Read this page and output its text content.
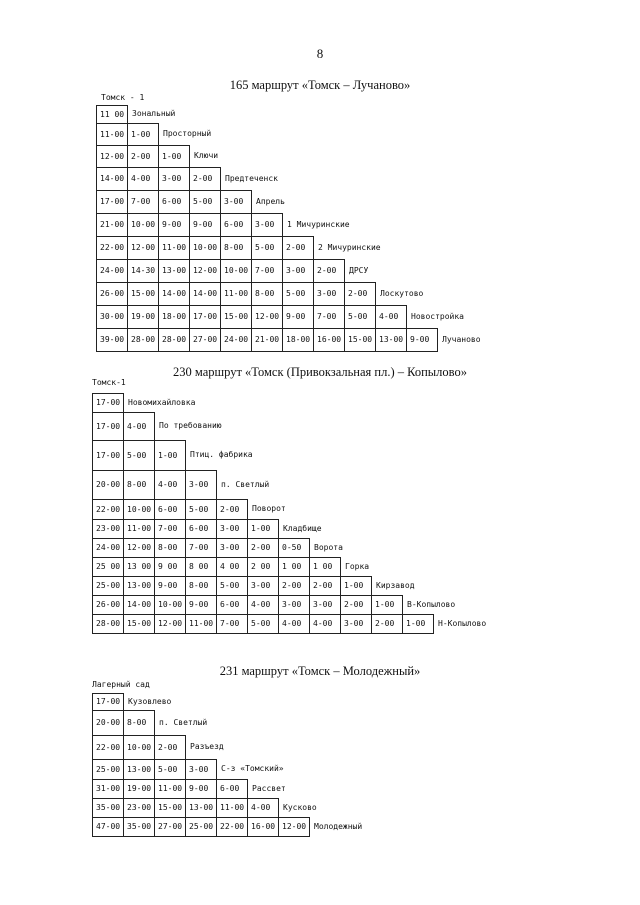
8
165 маршрут «Томск – Лучаново»
Томск - 1
11 00 Зональный
11-00 1-00	Просторный
12-00 2-00	1-00	Ключи
14-00 4-00	3-00	2-00	Предтеченск
17-00 7-00	6-00	5-00	3-00	Апрель
21-00 10-00 9-00	9-00	6-00	3-00	1 Мичуринские
22-00 12-00 11-00 10-00 8-00	5-00	2-00	2 Мичуринские
24-00 14-30 13-00 12-00 10-00 7-00	3-00	2-00	ДРСУ
26-00 15-00 14-00 14-00 11-00 8-00	5-00	3-00	2-00	Лоскутово
30-00 19-00 18-00 17-00 15-00 12-00 9-00	7-00	5-00	4-00	Новостройка
39-00 28-00 28-00 27-00 24-00 21-00 18-00 16-00 15-00 13-00 9-00	Лучаново
230 маршрут «Томск (Привокзальная пл.) – Копылово»
Томск-1
17-00 Новомихайловка
17-00 4-00	По требованию
17-00 5-00	1-00	Птиц. фабрика
20-00 8-00	4-00	3-00	п. Светлый
22-00 10-00 6-00	5-00	2-00	Поворот
23-00 11-00 7-00	6-00	3-00	1-00	Кладбище
24-00 12-00 8-00	7-00	3-00	2-00	0-50	Ворота
25 00 13 00 9 00	8 00	4 00	2 00	1 00	1 00	Горка
25-00 13-00 9-00	8-00	5-00	3-00	2-00	2-00	1-00	Кирзавод
26-00 14-00 10-00 9-00	6-00	4-00	3-00	3-00	2-00	1-00	В-Копылово
28-00 15-00 12-00 11-00 7-00	5-00	4-00	4-00	3-00	2-00	1-00	Н-Копылово
231 маршрут «Томск – Молодежный»
Лагерный сад
17-00 Кузовлево
20-00 8-00	п. Светлый
22-00 10-00 2-00	Разъезд
25-00 13-00 5-00	3-00	С-з «Томский»
31-00 19-00 11-00 9-00	6-00	Рассвет
35-00 23-00 15-00 13-00 11-00 4-00	Кусково
47-00 35-00 27-00 25-00 22-00 16-00 12-00 Молодежный
